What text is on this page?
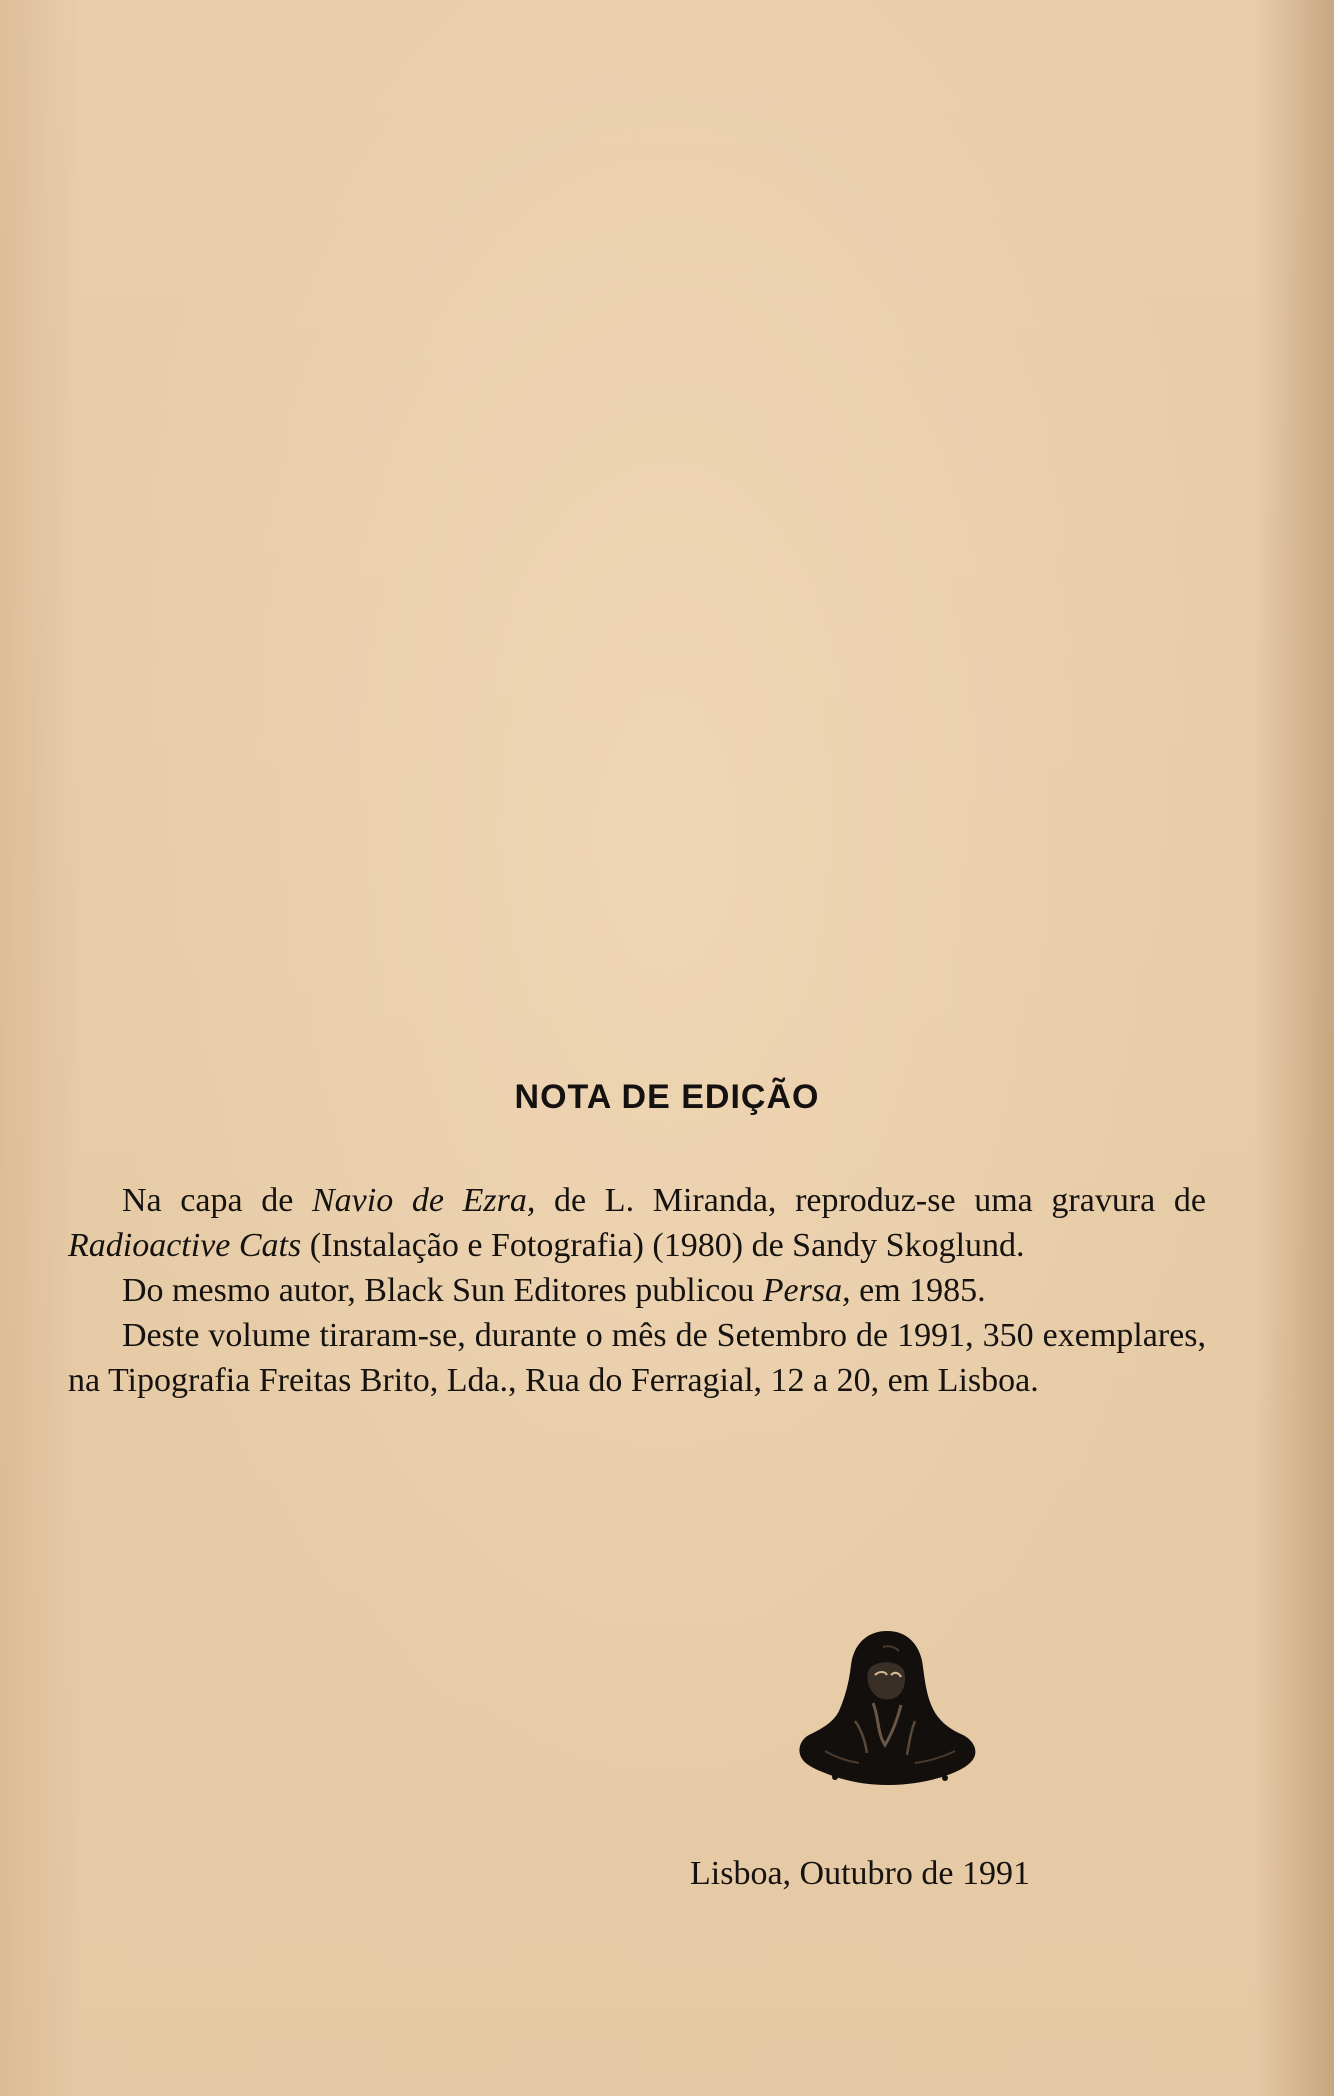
NOTA DE EDIÇÃO

Na capa de Navio de Ezra, de L. Miranda, reproduz-se uma gravura de Radioactive Cats (Instalação e Fotografia) (1980) de Sandy Skoglund.

Do mesmo autor, Black Sun Editores publicou Persa, em 1985.

Deste volume tiraram-se, durante o mês de Setembro de 1991, 350 exemplares, na Tipografia Freitas Brito, Lda., Rua do Ferragial, 12 a 20, em Lisboa.

Lisboa, Outubro de 1991
